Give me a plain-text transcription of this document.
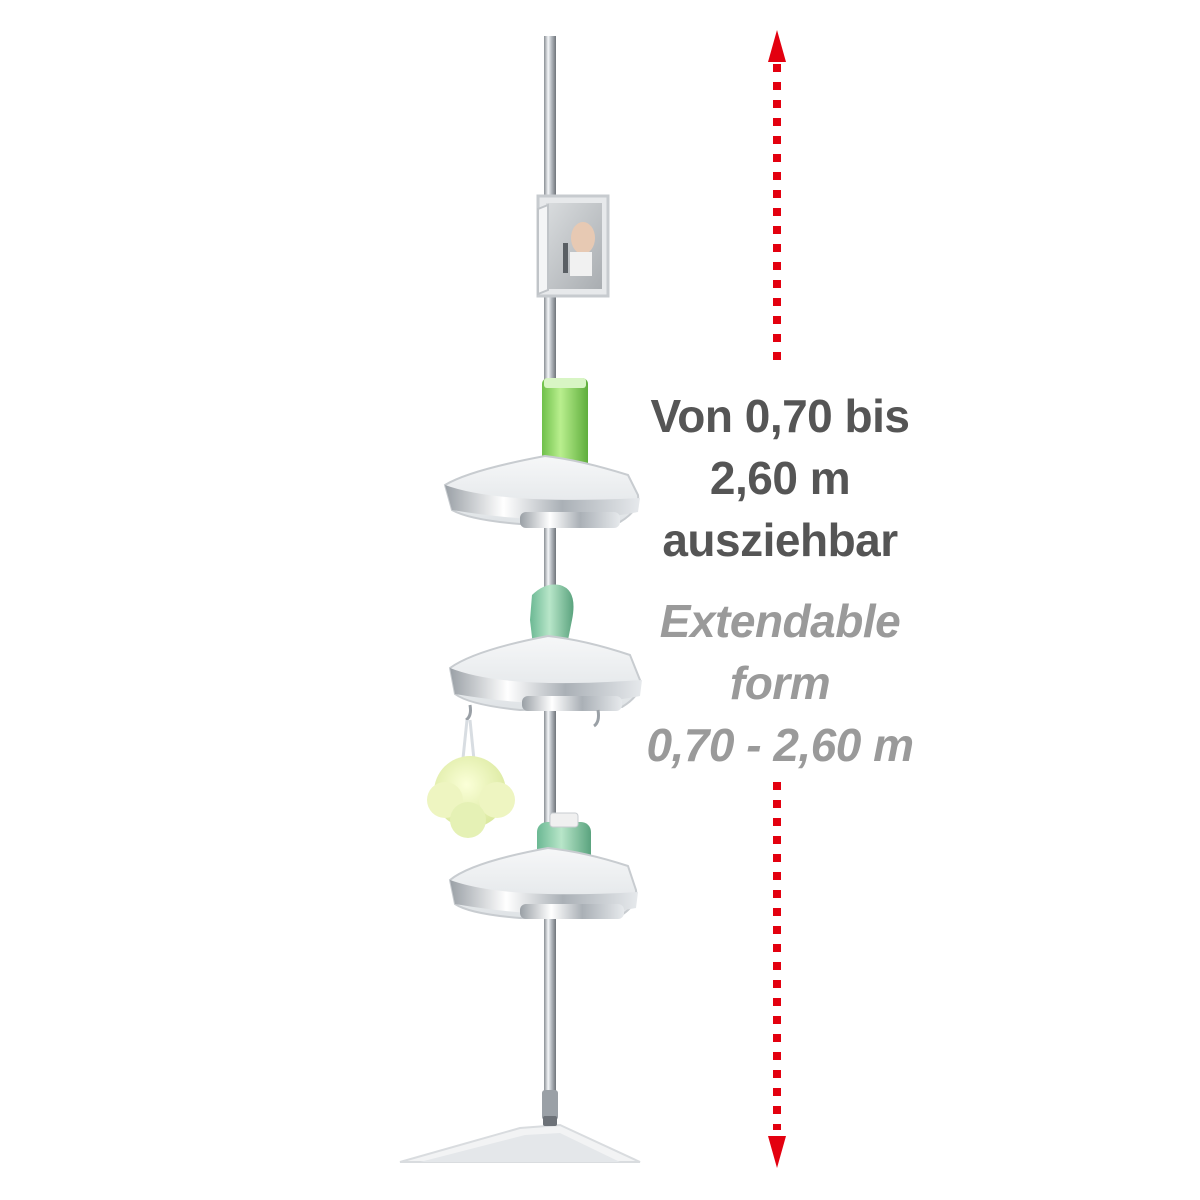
Von 0,70 bis
2,60 m
ausziehbar
Extendable
form
0,70 - 2,60 m
